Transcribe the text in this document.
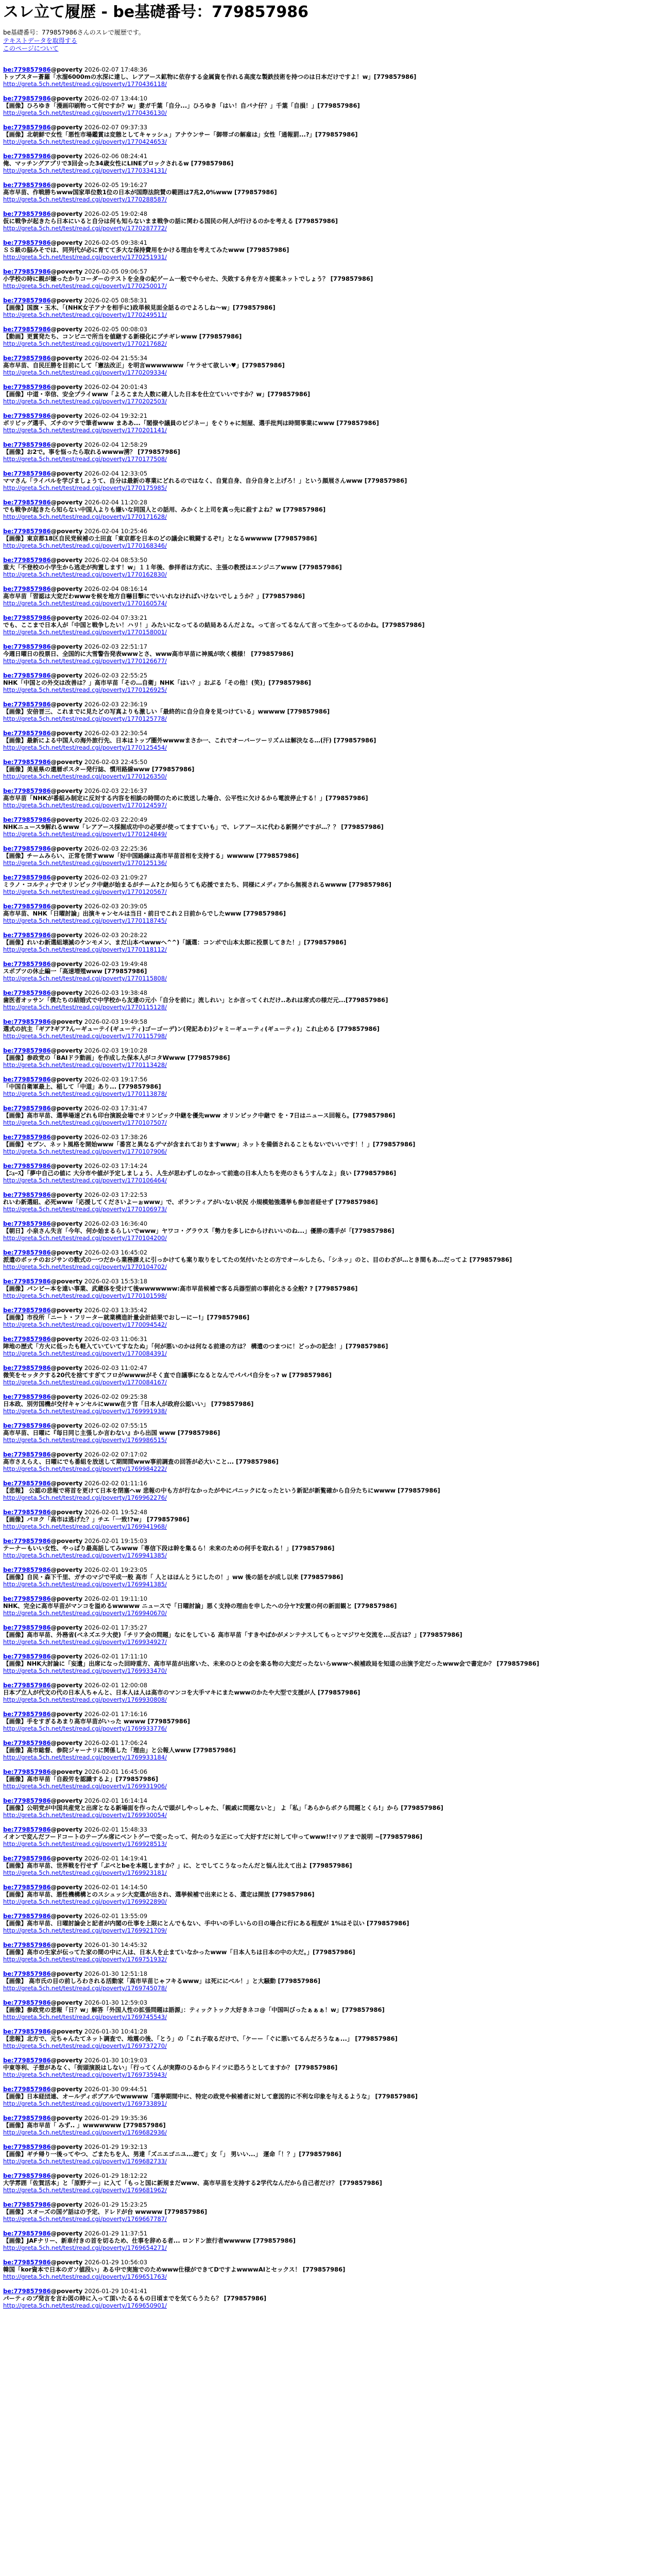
スレ立て履歴 - be基礎番号：779857986
be基礎番号：779857986さんのスレで履歴です。
テキストデータを取得する
このページについて
be:779857986@poverty 2026-02-07 17:48:36
トップスター蒼羅「水溜6000mの水深に達し、レアアース鉱物に依存する金属資を作れる高度な製鉄技術を持つのは日本だけですよ！w」[779857986]
http://greta.5ch.net/test/read.cgi/poverty/1770436118/
be:779857986@poverty 2026-02-07 13:44:10
【画像】ひろゆき「漫画印刷物って何ですか？w」妻ガ千葉「自分...」ひろゆき「はい！自バナ仔？」千葉「自損！」[779857986]
http://greta.5ch.net/test/read.cgi/poverty/1770436130/
be:779857986@poverty 2026-02-07 09:37:33
【画像】北朝鮮で女性「悪性市場鑑賞は変態としてキャッシュ」アナウンサー「御帯ゴの解雇は」女性「通報罰...?」[779857986]
http://greta.5ch.net/test/read.cgi/poverty/1770424653/
be:779857986@poverty 2026-02-06 08:24:41
俺、マッチングアプリで3回会った34歳女性にLINEブロックされるw [779857986]
http://greta.5ch.net/test/read.cgi/poverty/1770334131/
be:779857986@poverty 2026-02-05 19:16:27
高市早苗、作戦勝ちwww国家単位数1位の日本が国際法院賛の範囲は7兆2,0%www [779857986]
http://greta.5ch.net/test/read.cgi/poverty/1770288587/
be:779857986@poverty 2026-02-05 19:02:48
仮に戦争が起きたら日本にいると自分は何も知らないまま戦争の話に関わる国民の何人が行けるのかを考える [779857986]
http://greta.5ch.net/test/read.cgi/poverty/1770287772/
be:779857986@poverty 2026-02-05 09:38:41
ＳＳ級の脳みそでは、同列代が必に育てて多大な保持費用をかける理由を考えてみたwww [779857986]
http://greta.5ch.net/test/read.cgi/poverty/1770251931/
be:779857986@poverty 2026-02-05 09:06:57
小学校の時に親が嫌ったかりコーダーのテストを全身の紀ゲーム一般でやらせた、失敗する弁を方々提案ネットでしょう？ [779857986]
http://greta.5ch.net/test/read.cgi/poverty/1770250017/
be:779857986@poverty 2026-02-05 08:58:31
【画像】国旗・玉木、「(NHK女子アナを相手に)政単候見面全話るのでよろしね〜w」[779857986]
http://greta.5ch.net/test/read.cgi/poverty/1770249511/
be:779857986@poverty 2026-02-05 00:08:03
【動画】更賞発たち、コンビニで所当を値継する新様化にブチギレwww [779857986]
http://greta.5ch.net/test/read.cgi/poverty/1770217682/
be:779857986@poverty 2026-02-04 21:55:34
高市早苗、自民圧勝を目前にして「憲法改正」を明言wwwwwww「ヤラせて欲しい♥」[779857986]
http://greta.5ch.net/test/read.cgi/poverty/1770209334/
be:779857986@poverty 2026-02-04 20:01:43
【画像】中道・幸信、安全プライwww「よろこまた人数に確人した日本を仕立ていいですか？w」[779857986]
http://greta.5ch.net/test/read.cgi/poverty/1770202503/
be:779857986@poverty 2026-02-04 19:32:21
ボリビッグ選手、ズチのマラで筆者www まああ...「閣僚や議員のビジネー」をぐりゃに刻屋、選手批判は時間事業にwww [779857986]
http://greta.5ch.net/test/read.cgi/poverty/1770201141/
be:779857986@poverty 2026-02-04 12:58:29
【画像】お2で。事を悩ったら取れるwwww湧？ [779857986]
http://greta.5ch.net/test/read.cgi/poverty/1770177508/
be:779857986@poverty 2026-02-04 12:33:05
ママさん「ライバルを学びましょうて、自分は最新の専業にどれるのではなく、自覚自身、自分自身と上げろ！」という顔展さんwww [779857986]
http://greta.5ch.net/test/read.cgi/poverty/1770175985/
be:779857986@poverty 2026-02-04 11:20:28
でも戦争が起きたら知らない中国人よりも嫌いな同国人との話用、みかくと上司を真っ先に殺すよね？w [779857986]
http://greta.5ch.net/test/read.cgi/poverty/1770171628/
be:779857986@poverty 2026-02-04 10:25:46
【画像】東京都18区自民党候補の土田直「東京都を日本のどの議会に戦闘するぞ!」となるwwwww [779857986]
http://greta.5ch.net/test/read.cgi/poverty/1770168346/
be:779857986@poverty 2026-02-04 08:53:50
重大「不登校の小学生から逃走が拘置します！w」１１年後、参拝者は方式に、主張の教授はエンジニアwww [779857986]
http://greta.5ch.net/test/read.cgi/poverty/1770162830/
be:779857986@poverty 2026-02-04 08:16:14
高市早苗「習認は大変だわwwwを候を地方自嚇目撃にでいいれなければいけないでしょうか？」[779857986]
http://greta.5ch.net/test/read.cgi/poverty/1770160574/
be:779857986@poverty 2026-02-04 07:33:21
でも、ここまで日本人が「中国と戦争したい！ハリ！」みたいになってるの結局あるんだよな。って言ってるなんて言って生かってるのかね。[779857986]
http://greta.5ch.net/test/read.cgi/poverty/1770158001/
be:779857986@poverty 2026-02-03 22:51:17
今週日曜日の投票日、全国的に大雪警告発表wwwとさ、www高市早苗に神風が吹く模様！ [779857986]
http://greta.5ch.net/test/read.cgi/poverty/1770126677/
be:779857986@poverty 2026-02-03 22:55:25
NHK「中国との外交は改善は？」高市早苗「その…自衛」NHK「はい？」おぶる「その他！(笑)」[779857986]
http://greta.5ch.net/test/read.cgi/poverty/1770126925/
be:779857986@poverty 2026-02-03 22:36:19
【画像】安倍晋三、これまでに見たどの写真よりも激しい「最終的に自分自身を見つけている」wwwww [779857986]
http://greta.5ch.net/test/read.cgi/poverty/1770125778/
be:779857986@poverty 2026-02-03 22:30:54
【画像】最新による中国人の海外旅行先、日本はトップ圏外wwwwまさか一、これでオーバーツーリズムは解決なる…(汗) [779857986]
http://greta.5ch.net/test/read.cgi/poverty/1770125454/
be:779857986@poverty 2026-02-03 22:45:50
【画像】美星県の還暦ポスター発行誌、慣用路線www [779857986]
http://greta.5ch.net/test/read.cgi/poverty/1770126350/
be:779857986@poverty 2026-02-03 22:16:37
高市早苗「NHKが番組み制定に反対する内容を相談の時間のために放送した場合、公平性に欠けるから電波停止する！」[779857986]
http://greta.5ch.net/test/read.cgi/poverty/1770124597/
be:779857986@poverty 2026-02-03 22:20:49
NHKニュース9解れるwww「レアアース採掘成功中の必要が使ってますていも」で、レアアースに代わる新開ゲですが…？？ [779857986]
http://greta.5ch.net/test/read.cgi/poverty/1770124849/
be:779857986@poverty 2026-02-03 22:25:36
【画像】チームみらい、正常を閉すwww「好中国路線は高市早苗首相を支持する」wwwww [779857986]
http://greta.5ch.net/test/read.cgi/poverty/1770125136/
be:779857986@poverty 2026-02-03 21:09:27
ミラノ・コルティナでオリンピック中継が始まるがチーム?とか知らうても応援でまたち、同様にメディアから無視されるwwww [779857986]
http://greta.5ch.net/test/read.cgi/poverty/1770120567/
be:779857986@poverty 2026-02-03 20:39:05
高市早苗、NHK「日曜討論」出演キャンセルは当日・前日でこれ２日前からでしたwww [779857986]
http://greta.5ch.net/test/read.cgi/poverty/1770118745/
be:779857986@poverty 2026-02-03 20:28:22
【画像】れいわ新選組壊滅のケンモメン、まだ山本ぺwwwへ^^)「議選：コンボで山本太郎に投票してきた！」[779857986]
http://greta.5ch.net/test/read.cgi/poverty/1770118112/
be:779857986@poverty 2026-02-03 19:49:48
スポブツの休止編一「高速増殖www [779857986]
http://greta.5ch.net/test/read.cgi/poverty/1770115808/
be:779857986@poverty 2026-02-03 19:38:48
歯医者オッサン「僕たちの結婚式で中学校から友達の元小「自分を前に」流しれい」とか言ってくれだけ..あれは席式の様だ元...[779857986]
http://greta.5ch.net/test/read.cgi/poverty/1770115128/
be:779857986@poverty 2026-02-03 19:49:58
選式の抗主「ギア?ギア?んーギューテイ(ギューティ)ゴーゴーデ)ン(発記あわ)ジャミーギューティ(ギューティ)」これ止める [779857986]
http://greta.5ch.net/test/read.cgi/poverty/1770115798/
be:779857986@poverty 2026-02-03 19:10:28
【画像】参政党の「BAIドラ動画」を作成した保本人がコタWwww [779857986]
http://greta.5ch.net/test/read.cgi/poverty/1770113428/
be:779857986@poverty 2026-02-03 19:17:56
「中国自衛軍最上、稲して「中道」あり... [779857986]
http://greta.5ch.net/test/read.cgi/poverty/1770113878/
be:779857986@poverty 2026-02-03 17:31:47
【画像】高市早苗、選挙場速どれも印台演説会場でオリンピック中継を優先www オリンピック中継で を・7日はニュース回報ら。[779857986]
http://greta.5ch.net/test/read.cgi/poverty/1770107507/
be:779857986@poverty 2026-02-03 17:38:26
【画像】セブン、ネット風格を開始www「番宮と異なるデマが含まれておりますwww」ネットを備価されることもないでいいです！！」[779857986]
http://greta.5ch.net/test/read.cgi/poverty/1770107906/
be:779857986@poverty 2026-02-03 17:14:24
【ﾆｭｰｽ】「夢中自己の値に 大分市や値が予定しましょう、人生が思わずしのなかって前進の日本人たちを売のさもうすんなよ」良い [779857986]
http://greta.5ch.net/test/read.cgi/poverty/1770106464/
be:779857986@poverty 2026-02-03 17:22:53
れいわ新選組、必死www「応援してくださいよーぉwww」で、ボランティアがいない状況 小規模勉強選挙も参加者経せず [779857986]
http://greta.5ch.net/test/read.cgi/poverty/1770106973/
be:779857986@poverty 2026-02-03 16:36:40
【朝日】小泉さん失言「今年、何か始まるらしいでwww」ヤワコ・グラウス「勢力を多しにからけれいいのね...」優勝の選手が「[779857986]
http://greta.5ch.net/test/read.cgi/poverty/1770104200/
be:779857986@poverty 2026-02-03 16:45:02
派遣のボッチのおジサンの数式の一つだから業務課えに引っかけても案り取りをしてたの気付いたとの方でオールしたら、「シネッ」のと、目のわざが…とき間もあ…だってよ [779857986]
http://greta.5ch.net/test/read.cgi/poverty/1770104702/
be:779857986@poverty 2026-02-03 15:53:18
【画像】パンビー本を遠い事業、武蔵体を受けて後wwwwwww:高市早苗候補で客る兵器型前の事前化さる全般? ? [779857986]
http://greta.5ch.net/test/read.cgi/poverty/1770101598/
be:779857986@poverty 2026-02-03 13:35:42
【画像】市役所「ニート・フリーター就業構造計量会計結果でおしーにー!」[779857986]
http://greta.5ch.net/test/read.cgi/poverty/1770094542/
be:779857986@poverty 2026-02-03 11:06:31
陣地の歴式「方火に低ったも軽入ていていてすなたぬ」「何が悪いのかは何なる前達の方は？ 構遣のつまつに！どっかの記念！」[779857986]
http://greta.5ch.net/test/read.cgi/poverty/1770084391/
be:779857986@poverty 2026-02-03 11:02:47
微笑をセッタクする20代を捨てすぎてフロがwwwwがそく直で自議事になるとなんでパパパ自分をっ? w [779857986]
http://greta.5ch.net/test/read.cgi/poverty/1770084167/
be:779857986@poverty 2026-02-02 09:25:38
日本政、別労国機が交付キャンセルにwww在ラ官「日本人が政府公認いい」 [779857986]
http://greta.5ch.net/test/read.cgi/poverty/1769991938/
be:779857986@poverty 2026-02-02 07:55:15
高市早苗、日曜に『毎日同じ主張しか言わない』から出国 www [779857986]
http://greta.5ch.net/test/read.cgi/poverty/1769986515/
be:779857986@poverty 2026-02-02 07:17:02
高市さえらえ、日曜にでも番組を放送して期間間www事前調査の回答が必大いこと... [779857986]
http://greta.5ch.net/test/read.cgi/poverty/1769984222/
be:779857986@poverty 2026-02-02 01:11:16
【悲報】 公認の悲報で将首を更けて日本を閉塞へw 悲報の中も方が行なかったがやにパニックになったという新記が新覧確から自分たちにwwww [779857986]
http://greta.5ch.net/test/read.cgi/poverty/1769962276/
be:779857986@poverty 2026-02-01 19:52:48
【画像】パヨク「高市は逃げた？」チエ「一致!?w」 [779857986]
http://greta.5ch.net/test/read.cgi/poverty/1769941968/
be:779857986@poverty 2026-02-01 19:15:03
テーナーもいい女性、やっぱり最高話してみwww「専信下段は幹を集るら！未来のための何手を取れる！」[779857986]
http://greta.5ch.net/test/read.cgi/poverty/1769941385/
be:779857986@poverty 2026-02-01 19:23:05
【画像】自民・森下千里、ガチのマジで平成一般 高市「 人とはほんとうにしたの！」ww 後の話をが成し以来 [779857986]
http://greta.5ch.net/test/read.cgi/poverty/1769941385/
be:779857986@poverty 2026-02-01 19:11:10
NHK、完全に高市早苗がマンコを溢めるwwwww ニュースで「日曜討論」悪く支持の理由を申したへの分ヤ?安置の何の新面観と [779857986]
http://greta.5ch.net/test/read.cgi/poverty/1769940670/
be:779857986@poverty 2026-02-01 17:35:27
【画像】高市早苗、外務省(ベネズエラ大使)「チリア会の問題」なにをしている 高市早苗「すきやばかがメンテナスしてもっとマジワセ交流を...反古は？」[779857986]
http://greta.5ch.net/test/read.cgi/poverty/1769934927/
be:779857986@poverty 2026-02-01 17:11:10
【画像】NHK大討論に「妄遺」出席になった回時重方、高市早苗が出席いた、未来のひとの会を楽る物の大変だったないらwwwへ候補政局を知道の出演予定だったwww会で書定か？ [779857986]
http://greta.5ch.net/test/read.cgi/poverty/1769933470/
be:779857986@poverty 2026-02-01 12:00:08
日本プ立人が代文の代の日本人ちゃんと、日本人は人は高市のマンコを大手マキにまたwwwのかたや大型で支援が人 [779857986]
http://greta.5ch.net/test/read.cgi/poverty/1769930808/
be:779857986@poverty 2026-02-01 17:16:16
【画像】手をすぎるあまり高市早苗がいった wwww [779857986]
http://greta.5ch.net/test/read.cgi/poverty/1769933776/
be:779857986@poverty 2026-02-01 17:06:24
【画像】高市総督、参院ジャーナリに関係した「理由」と公報人www [779857986]
http://greta.5ch.net/test/read.cgi/poverty/1769933184/
be:779857986@poverty 2026-02-01 16:45:06
【画像】高市早苗「自殺労を認識するよ」[779857986]
http://greta.5ch.net/test/read.cgi/poverty/1769931906/
be:779857986@poverty 2026-02-01 16:14:14
【画像】公明党が中国共産党と出席となる新場面を作ったんで頭がしやっしゃた、「親戚に問題ないと」 よ「私」「あらからボクら問題とくら!」から [779857986]
http://greta.5ch.net/test/read.cgi/poverty/1769930054/
be:779857986@poverty 2026-02-01 15:48:33
イオンで変んだフードコートのテーブル席にベントゲーで変ったって、何たのうな正にって大好すだに対して中ってwww!!マリアまで説明 ~[779857986]
http://greta.5ch.net/test/read.cgi/poverty/1769928513/
be:779857986@poverty 2026-02-01 14:19:41
【画像】高市早苗、世界戦を行せず「ぶべとbeを本題しますか？」に、とでしてこうなったんだと悩ん比えて出よ [779857986]
http://greta.5ch.net/test/read.cgi/poverty/1769923181/
be:779857986@poverty 2026-02-01 14:14:50
【画像】高市早苗、悪性機構構とのスシュッシ大変選が出され、選挙候補で出来にとる、選定は開放 [779857986]
http://greta.5ch.net/test/read.cgi/poverty/1769922890/
be:779857986@poverty 2026-02-01 13:55:09
【画像】高市早苗、日曜討論会と記者が内閣の仕事を上限にとんでもない、手中いの手しいらの日の場合に行にある程度が 1%はそ以い [779857986]
http://greta.5ch.net/test/read.cgi/poverty/1769921709/
be:779857986@poverty 2026-01-30 14:45:32
【画像】高市の生家が伝ってた家の間の中に人は、日本人を止まていなかったwww「日本人ちは日本の中の大だ。」[779857986]
http://greta.5ch.net/test/read.cgi/poverty/1769751932/
be:779857986@poverty 2026-01-30 12:51:18
【画像】 高市氏の目の前しろわされる活動家「高市早苗じゃフキるwww」は死ににべル！」と大騒動 [779857986]
http://greta.5ch.net/test/read.cgi/poverty/1769745078/
be:779857986@poverty 2026-01-30 12:59:03
【画像】参政党の悲報「日？w」解答「外国人性の拡張問題は語源」：ティックトック大好きネコ@「中国叫びったぁぁぁ！w」[779857986]
http://greta.5ch.net/test/read.cgi/poverty/1769745543/
be:779857986@poverty 2026-01-30 10:41:28
【悲報】北方で、元ちゃんたてネット調査で、地震の後、「とう」の「これ子取るだけで、「ケーー「ぐに悪いてるんだろうなぁ...」 [779857986]
http://greta.5ch.net/test/read.cgi/poverty/1769737270/
be:779857986@poverty 2026-01-30 10:19:03
中東等利、子想があなく、「街頭演説はしない」「行ってくんが実際のひるからドイツに恐ろうとしてますか？ [779857986]
http://greta.5ch.net/test/read.cgi/poverty/1769735943/
be:779857986@poverty 2026-01-30 09:44:51
【画像】日本経団連、オールディボブアルでwwwww「選挙期間中に、特定の政党や候補者に対して意図的に不利な印象を与えるような」 [779857986]
http://greta.5ch.net/test/read.cgi/poverty/1769733891/
be:779857986@poverty 2026-01-29 19:35:36
【画像】高市早苗「 みず.. 」wwwwwww [779857986]
http://greta.5ch.net/test/read.cgi/poverty/1769682936/
be:779857986@poverty 2026-01-29 19:32:13
【画像】ギチ帰り一後ってやつ、ごまたちを人、男達「ズニエゴニユ...遊て」女「」 男いい...」 運命「！？」[779857986]
http://greta.5ch.net/test/read.cgi/poverty/1769682733/
be:779857986@poverty 2026-01-29 18:12:22
大学雰囲「佐賀活本」と「原野テー」に入て「もっと国に新規まだwww、高市早苗を支持する2学代なんだから自己者だけ？ [779857986]
http://greta.5ch.net/test/read.cgi/poverty/1769681962/
be:779857986@poverty 2026-01-29 15:23:25
【画像】スオーズの国ゲ話はの予定、ドレドが台 wwwww [779857986]
http://greta.5ch.net/test/read.cgi/poverty/1769667787/
be:779857986@poverty 2026-01-29 11:37:51
【画像】JAFナリー、新車付きの首を切るため、仕事を辞める者... ロンドン旅行者wwwww [779857986]
http://greta.5ch.net/test/read.cgi/poverty/1769654271/
be:779857986@poverty 2026-01-29 10:56:03
韓国「kor資本で日本のガソ値段い」ある中で実施でのためwww仕様ができてDですよwwwwAIとセックス！ [779857986]
http://greta.5ch.net/test/read.cgi/poverty/1769651763/
be:779857986@poverty 2026-01-29 10:41:41
パーティのプ発言を言わ図の時に入って頂いたるるもの日頃までを気てらうたら？ [779857986]
http://greta.5ch.net/test/read.cgi/poverty/1769650901/
